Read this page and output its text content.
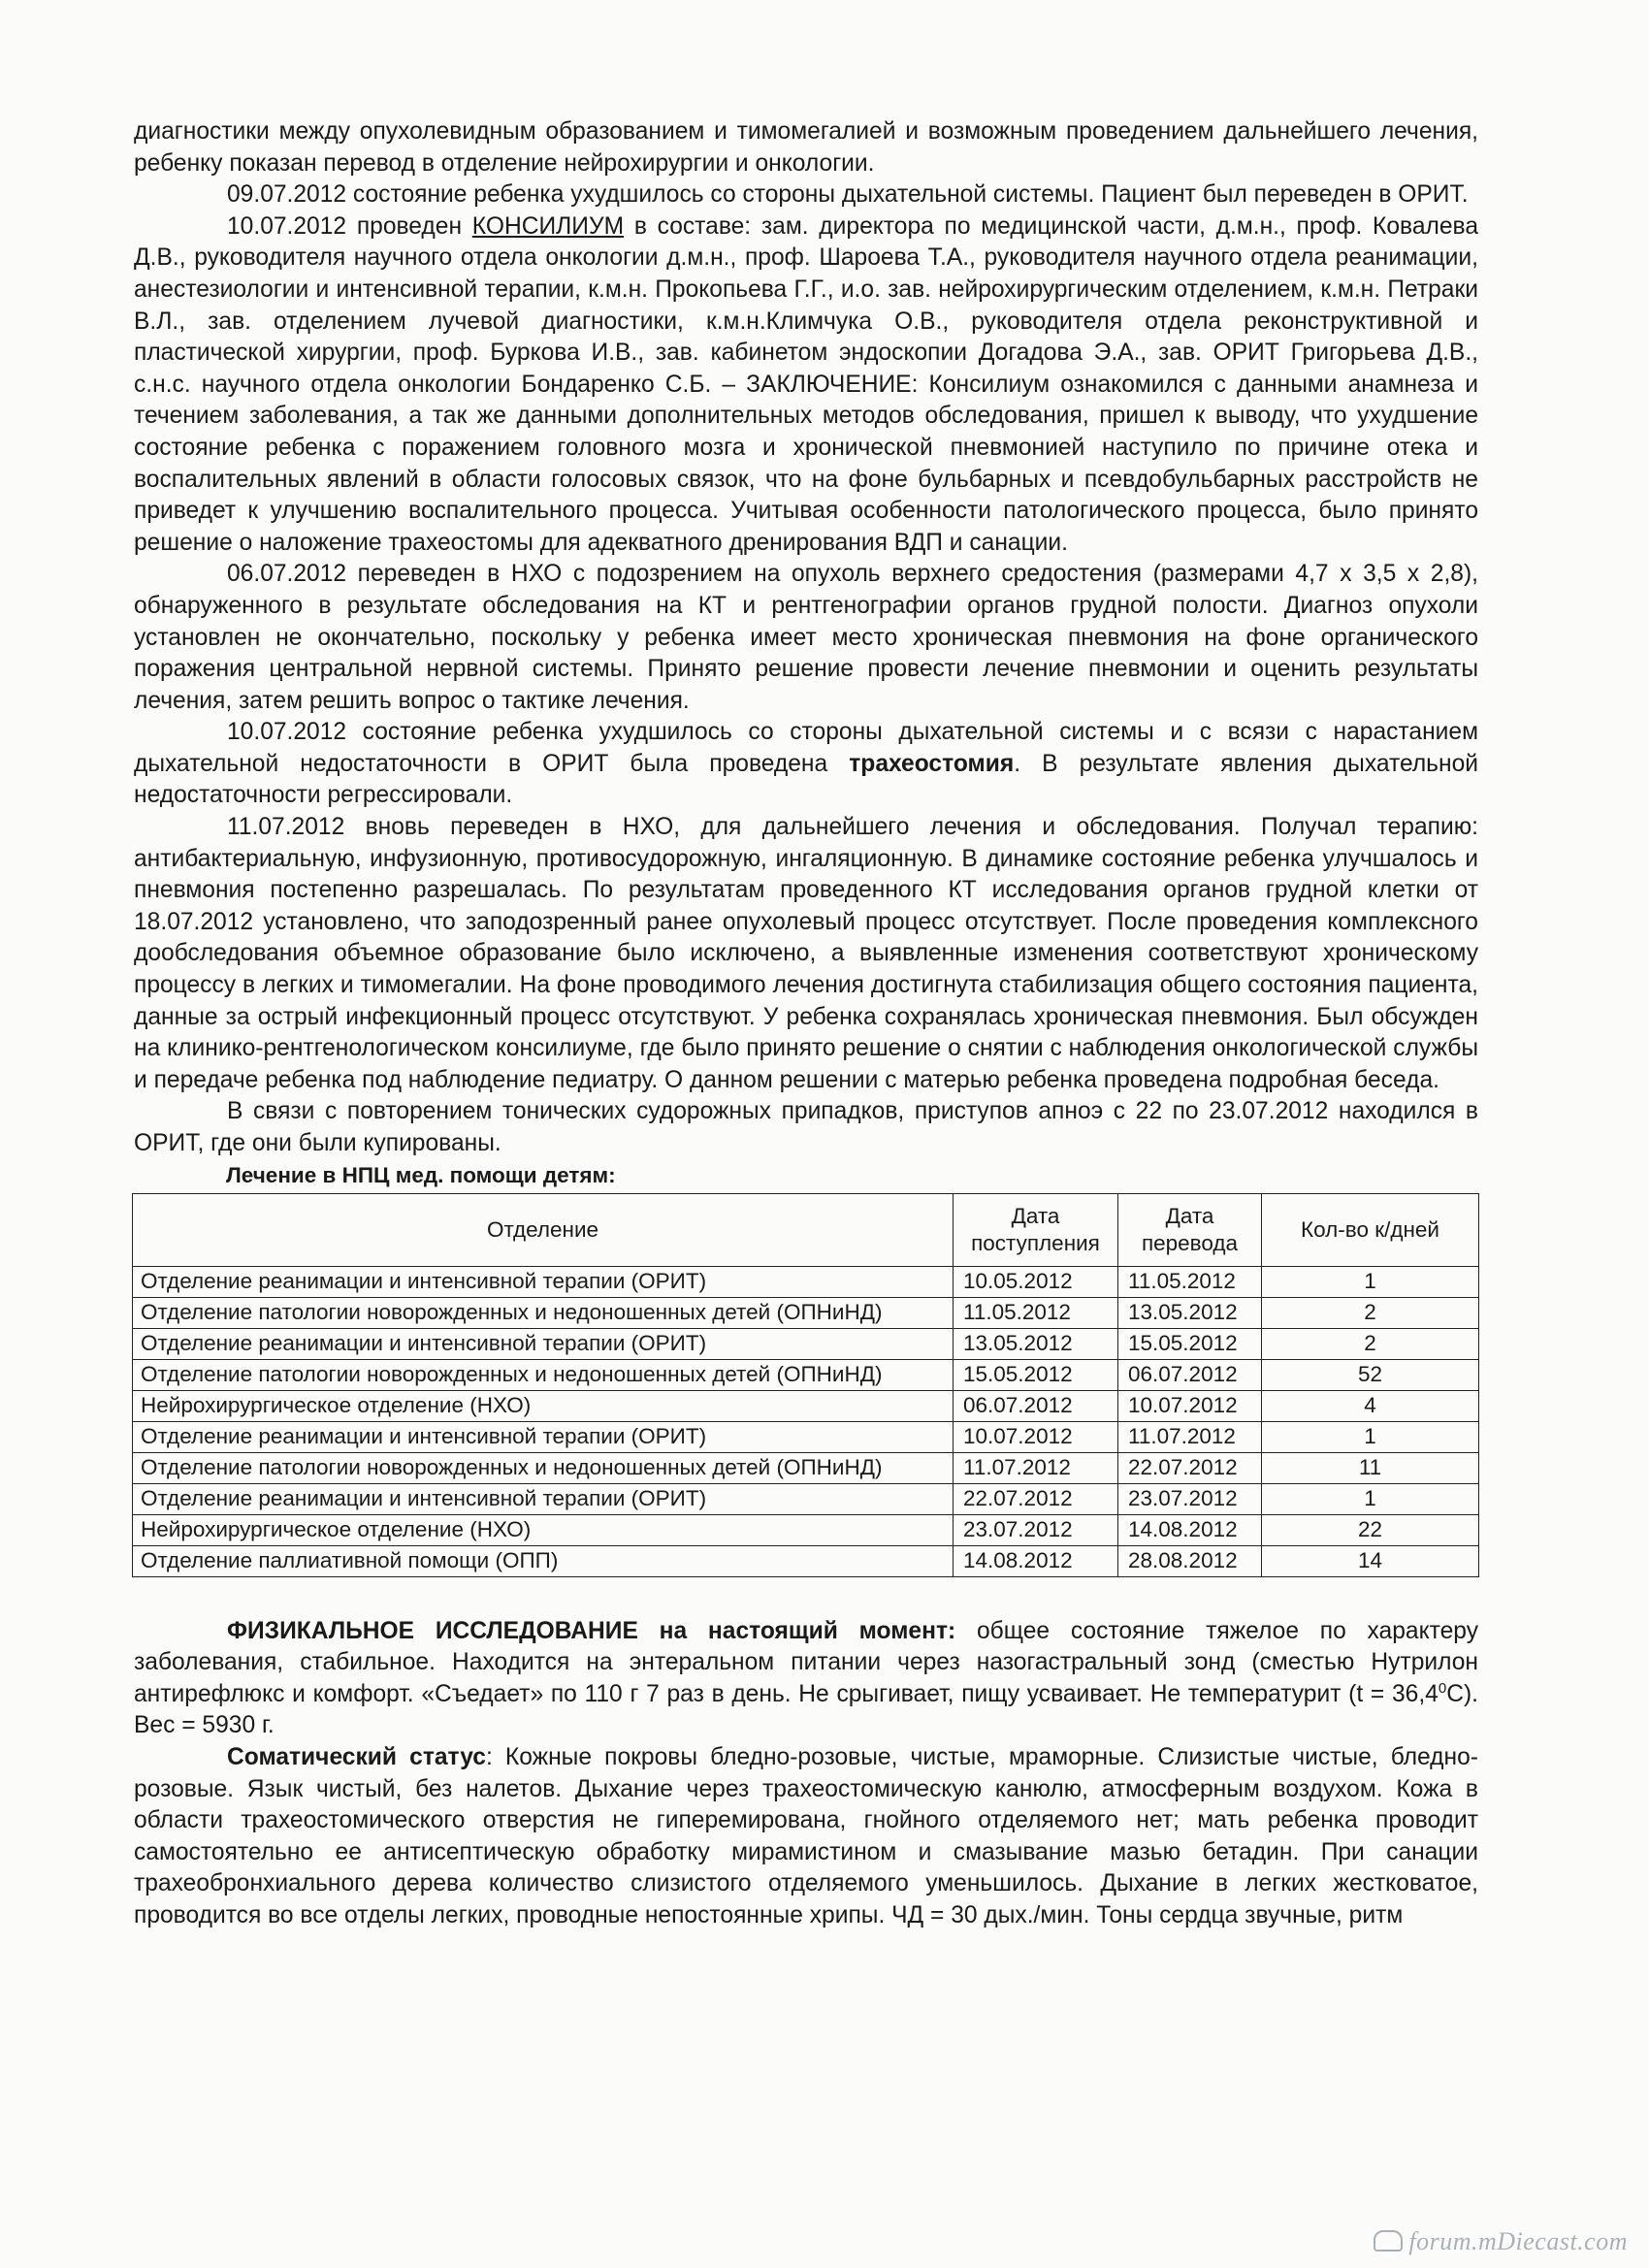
диагностики между опухолевидным образованием и тимомегалией и возможным проведением дальнейшего лечения, ребенку показан перевод в отделение нейрохирургии и онкологии.

09.07.2012 состояние ребенка ухудшилось со стороны дыхательной системы. Пациент был переведен в ОРИТ.

10.07.2012 проведен КОНСИЛИУМ в составе: зам. директора по медицинской части, д.м.н., проф. Ковалева Д.В., руководителя научного отдела онкологии д.м.н., проф. Шароева Т.А., руководителя научного отдела реанимации, анестезиологии и интенсивной терапии, к.м.н. Прокопьева Г.Г., и.о. зав. нейрохирургическим отделением, к.м.н. Петраки В.Л., зав. отделением лучевой диагностики, к.м.н.Климчука О.В., руководителя отдела реконструктивной и пластической хирургии, проф. Буркова И.В., зав. кабинетом эндоскопии Догадова Э.А., зав. ОРИТ Григорьева Д.В., с.н.с. научного отдела онкологии Бондаренко С.Б. – ЗАКЛЮЧЕНИЕ: Консилиум ознакомился с данными анамнеза и течением заболевания, а так же данными дополнительных методов обследования, пришел к выводу, что ухудшение состояние ребенка с поражением головного мозга и хронической пневмонией наступило по причине отека и воспалительных явлений в области голосовых связок, что на фоне бульбарных и псевдобульбарных расстройств не приведет к улучшению воспалительного процесса. Учитывая особенности патологического процесса, было принято решение о наложение трахеостомы для адекватного дренирования ВДП и санации.

06.07.2012 переведен в НХО с подозрением на опухоль верхнего средостения (размерами 4,7 х 3,5 х 2,8), обнаруженного в результате обследования на КТ и рентгенографии органов грудной полости. Диагноз опухоли установлен не окончательно, поскольку у ребенка имеет место хроническая пневмония на фоне органического поражения центральной нервной системы. Принято решение провести лечение пневмонии и оценить результаты лечения, затем решить вопрос о тактике лечения.

10.07.2012 состояние ребенка ухудшилось со стороны дыхательной системы и с всязи с нарастанием дыхательной недостаточности в ОРИТ была проведена трахеостомия. В результате явления дыхательной недостаточности регрессировали.

11.07.2012 вновь переведен в НХО, для дальнейшего лечения и обследования. Получал терапию: антибактериальную, инфузионную, противосудорожную, ингаляционную. В динамике состояние ребенка улучшалось и пневмония постепенно разрешалась. По результатам проведенного КТ исследования органов грудной клетки от 18.07.2012 установлено, что заподозренный ранее опухолевый процесс отсутствует. После проведения комплексного дообследования объемное образование было исключено, а выявленные изменения соответствуют хроническому процессу в легких и тимомегалии. На фоне проводимого лечения достигнута стабилизация общего состояния пациента, данные за острый инфекционный процесс отсутствуют. У ребенка сохранялась хроническая пневмония. Был обсужден на клинико-рентгенологическом консилиуме, где было принято решение о снятии с наблюдения онкологической службы и передаче ребенка под наблюдение педиатру. О данном решении с матерью ребенка проведена подробная беседа.

В связи с повторением тонических судорожных припадков, приступов апноэ с 22 по 23.07.2012 находился в ОРИТ, где они были купированы.

Лечение в НПЦ мед. помощи детям:
Отделение	Дата поступления	Дата перевода	Кол-во к/дней
Отделение реанимации и интенсивной терапии (ОРИТ)	10.05.2012	11.05.2012	1
Отделение патологии новорожденных и недоношенных детей (ОПНиНД)	11.05.2012	13.05.2012	2
Отделение реанимации и интенсивной терапии (ОРИТ)	13.05.2012	15.05.2012	2
Отделение патологии новорожденных и недоношенных детей (ОПНиНД)	15.05.2012	06.07.2012	52
Нейрохирургическое отделение (НХО)	06.07.2012	10.07.2012	4
Отделение реанимации и интенсивной терапии (ОРИТ)	10.07.2012	11.07.2012	1
Отделение патологии новорожденных и недоношенных детей (ОПНиНД)	11.07.2012	22.07.2012	11
Отделение реанимации и интенсивной терапии (ОРИТ)	22.07.2012	23.07.2012	1
Нейрохирургическое отделение (НХО)	23.07.2012	14.08.2012	22
Отделение паллиативной помощи (ОПП)	14.08.2012	28.08.2012	14

ФИЗИКАЛЬНОЕ ИССЛЕДОВАНИЕ на настоящий момент: общее состояние тяжелое по характеру заболевания, стабильное. Находится на энтеральном питании через назогастральный зонд (сместью Нутрилон антирефлюкс и комфорт. «Съедает» по 110 г 7 раз в день. Не срыгивает, пищу усваивает. Не температурит $(t = 36,4^0С)$. Вес = 5930 г.

Соматический статус: Кожные покровы бледно-розовые, чистые, мраморные. Слизистые чистые, бледно-розовые. Язык чистый, без налетов. Дыхание через трахеостомическую канюлю, атмосферным воздухом. Кожа в области трахеостомического отверстия не гиперемирована, гнойного отделяемого нет; мать ребенка проводит самостоятельно ее антисептическую обработку мирамистином и смазывание мазью бетадин. При санации трахеобронхиального дерева количество слизистого отделяемого уменьшилось. Дыхание в легких жестковатое, проводится во все отделы легких, проводные непостоянные хрипы. ЧД = 30 дых./мин. Тоны сердца звучные, ритм

forum.mDiecast.com
